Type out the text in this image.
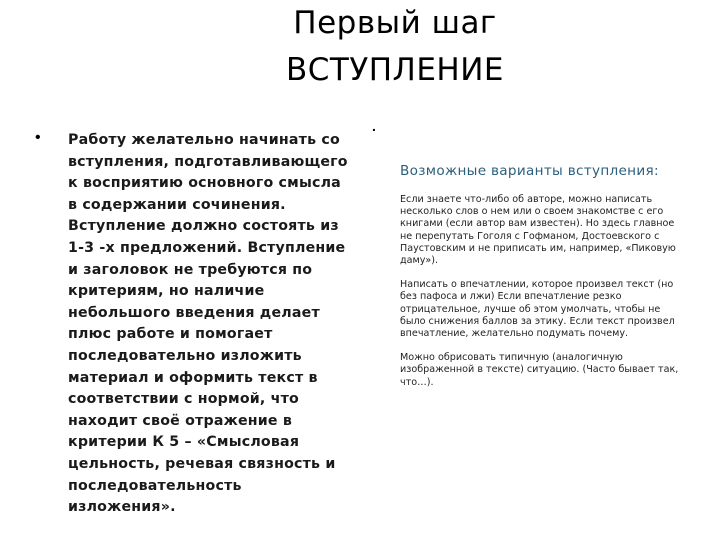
Первый шаг
ВСТУПЛЕНИЕ
• Работу желательно начинать со вступления, подготавливающего к восприятию основного смысла в содержании сочинения. Вступление должно состоять из 1-3 -х предложений. Вступление и заголовок не требуются по критериям, но наличие небольшого введения делает плюс работе и помогает последовательно изложить материал и оформить текст в соответствии с нормой, что находит своё отражение в критерии К 5 – «Смысловая цельность, речевая связность и последовательность изложения».
.
Возможные варианты вступления:

Если знаете что-либо об авторе, можно написать несколько слов о нем или о своем знакомстве с его книгами (если автор вам известен). Но здесь главное не перепутать Гоголя с Гофманом, Достоевского с Паустовским и не приписать им, например, «Пиковую даму»).

Написать о впечатлении, которое произвел текст (но без пафоса и лжи) Если впечатление резко отрицательное, лучше об этом умолчать, чтобы не было снижения баллов за этику. Если текст произвел впечатление, желательно подумать почему.

Можно обрисовать типичную (аналогичную изображенной в тексте) ситуацию. (Часто бывает так, что…).
